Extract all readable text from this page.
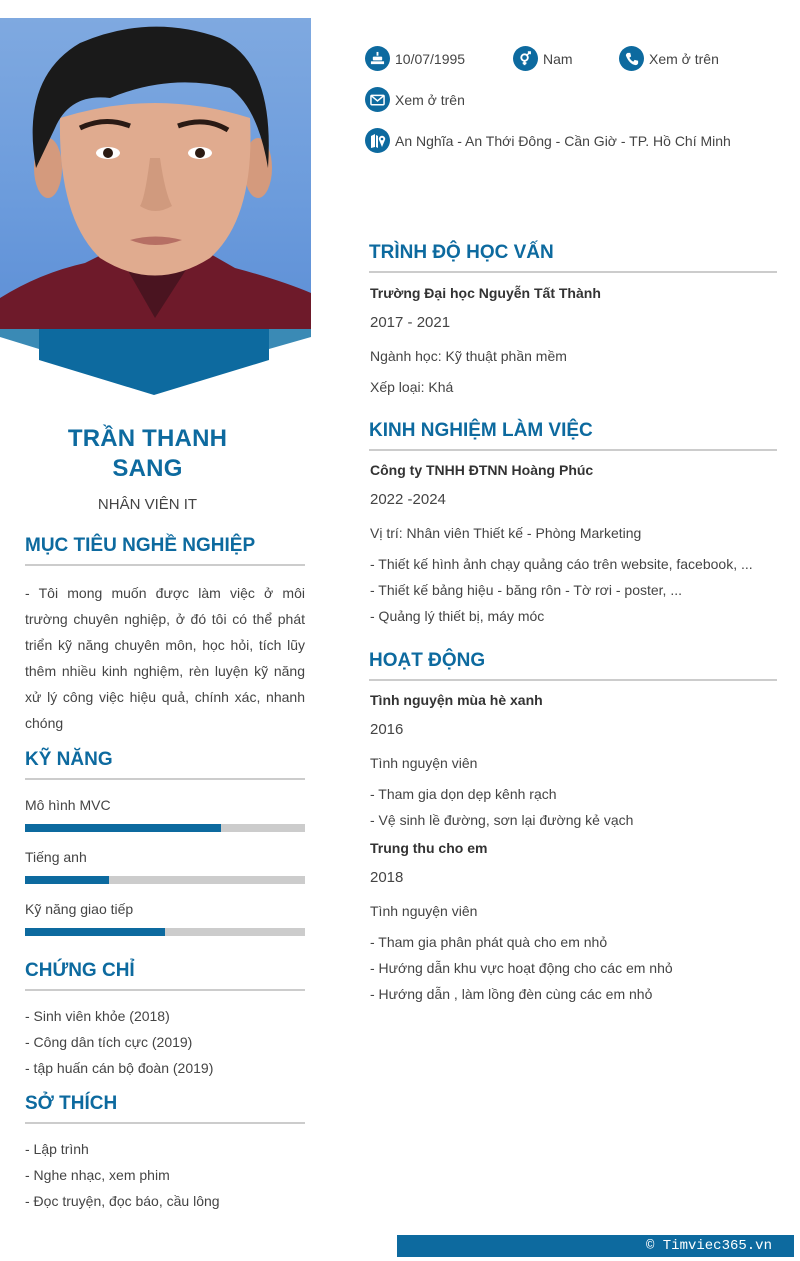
TRẦN THANH
SANG
NHÂN VIÊN IT
MỤC TIÊU NGHỀ NGHIỆP
- Tôi mong muốn được làm việc ở môi trường chuyên nghiệp, ở đó tôi có thể phát triển kỹ năng chuyên môn, học hỏi, tích lũy thêm nhiều kinh nghiệm, rèn luyện kỹ năng xử lý công việc hiệu quả, chính xác, nhanh chóng
KỸ NĂNG
Mô hình MVC
Tiếng anh
Kỹ năng giao tiếp
CHỨNG CHỈ
- Sinh viên khỏe (2018)
- Công dân tích cực (2019)
- tập huấn cán bộ đoàn (2019)
SỞ THÍCH
- Lập trình
- Nghe nhạc, xem phim
- Đọc truyện, đọc báo, cầu lông
10/07/1995	Nam	Xem ở trên
Xem ở trên
An Nghĩa - An Thới Đông - Cần Giờ - TP. Hồ Chí Minh
TRÌNH ĐỘ HỌC VẤN
Trường Đại học Nguyễn Tất Thành
2017 - 2021
Ngành học: Kỹ thuật phần mềm
Xếp loại: Khá
KINH NGHIỆM LÀM VIỆC
Công ty TNHH ĐTNN Hoàng Phúc
2022 -2024
Vị trí: Nhân viên Thiết kế - Phòng Marketing
- Thiết kế hình ảnh chạy quảng cáo trên website, facebook, ...
- Thiết kế bảng hiệu - băng rôn - Tờ rơi - poster, ...
- Quảng lý thiết bị, máy móc
HOẠT ĐỘNG
Tình nguyện mùa hè xanh
2016
Tình nguyện viên
- Tham gia dọn dẹp kênh rạch
- Vệ sinh lề đường, sơn lại đường kẻ vạch
Trung thu cho em
2018
Tình nguyện viên
- Tham gia phân phát quà cho em nhỏ
- Hướng dẫn khu vực hoạt động cho các em nhỏ
- Hướng dẫn , làm lồng đèn cùng các em nhỏ
© Timviec365.vn
